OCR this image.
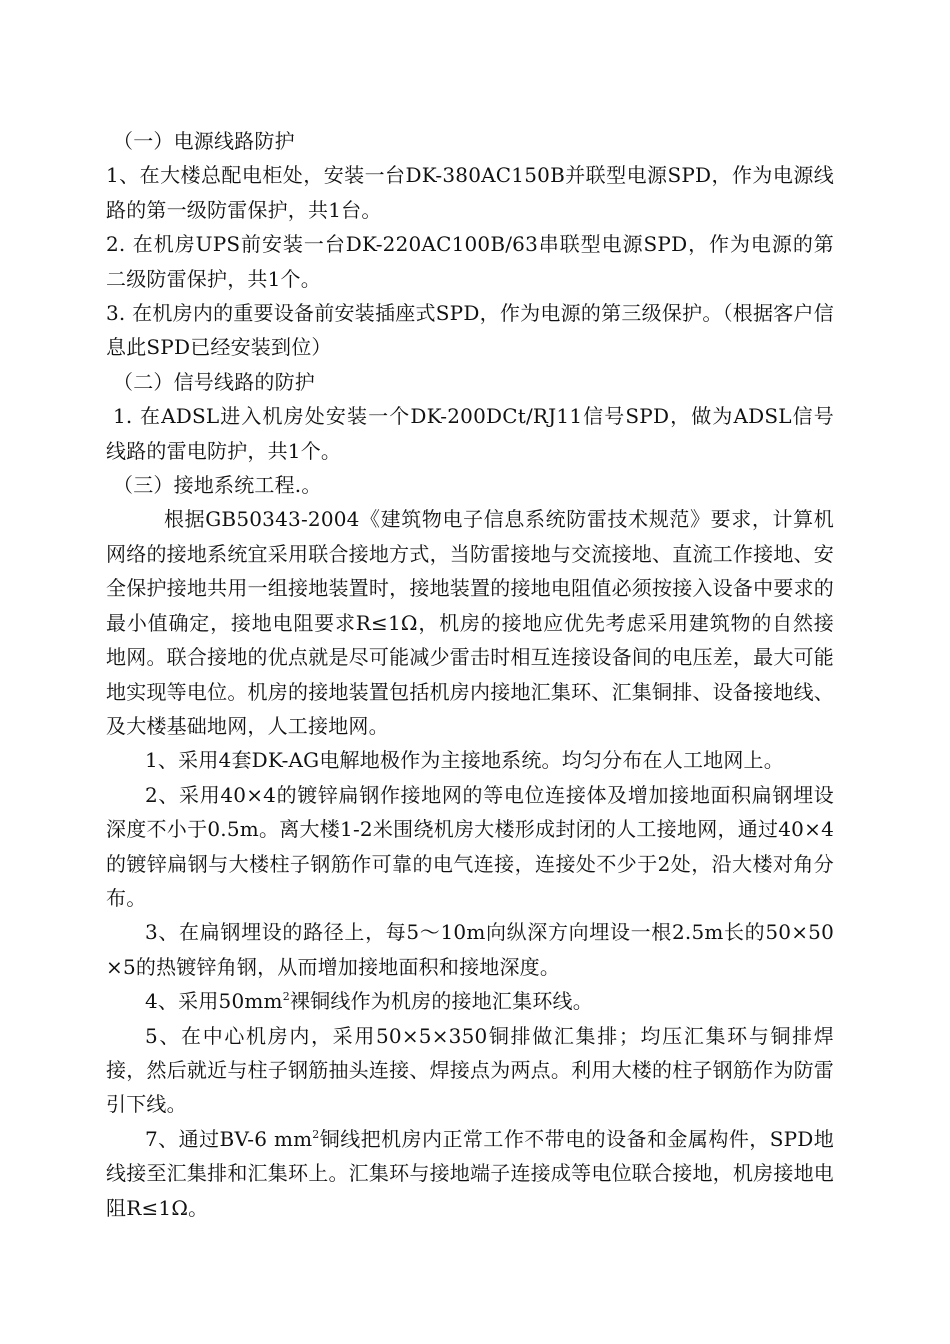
（一）电源线路防护

1、在大楼总配电柜处，安装一台DK-380AC150B并联型电源SPD，作为电源线路的第一级防雷保护，共1台。

2. 在机房UPS前安装一台DK-220AC100B/63串联型电源SPD，作为电源的第二级防雷保护，共1个。

3. 在机房内的重要设备前安装插座式SPD，作为电源的第三级保护。（根据客户信息此SPD已经安装到位）

（二）信号线路的防护

1. 在ADSL进入机房处安装一个DK-200DCt/RJ11信号SPD，做为ADSL信号线路的雷电防护，共1个。

（三）接地系统工程.。

根据GB50343-2004《建筑物电子信息系统防雷技术规范》要求，计算机网络的接地系统宜采用联合接地方式，当防雷接地与交流接地、直流工作接地、安全保护接地共用一组接地装置时，接地装置的接地电阻值必须按接入设备中要求的最小值确定，接地电阻要求R≤1Ω，机房的接地应优先考虑采用建筑物的自然接地网。联合接地的优点就是尽可能减少雷击时相互连接设备间的电压差，最大可能地实现等电位。机房的接地装置包括机房内接地汇集环、汇集铜排、设备接地线、及大楼基础地网，人工接地网。

1、采用4套DK-AG电解地极作为主接地系统。均匀分布在人工地网上。

2、采用40×4的镀锌扁钢作接地网的等电位连接体及增加接地面积扁钢埋设深度不小于0.5m。离大楼1-2米围绕机房大楼形成封闭的人工接地网，通过40×4的镀锌扁钢与大楼柱子钢筋作可靠的电气连接，连接处不少于2处，沿大楼对角分布。

3、在扁钢埋设的路径上，每5～10m向纵深方向埋设一根2.5m长的50×50×5的热镀锌角钢，从而增加接地面积和接地深度。

4、采用$50mm^2$裸铜线作为机房的接地汇集环线。

5、在中心机房内，采用50×5×350铜排做汇集排；均压汇集环与铜排焊接，然后就近与柱子钢筋抽头连接、焊接点为两点。利用大楼的柱子钢筋作为防雷引下线。

7、通过BV-6 $mm^2$铜线把机房内正常工作不带电的设备和金属构件，SPD地线接至汇集排和汇集环上。汇集环与接地端子连接成等电位联合接地，机房接地电阻R≤1Ω。
